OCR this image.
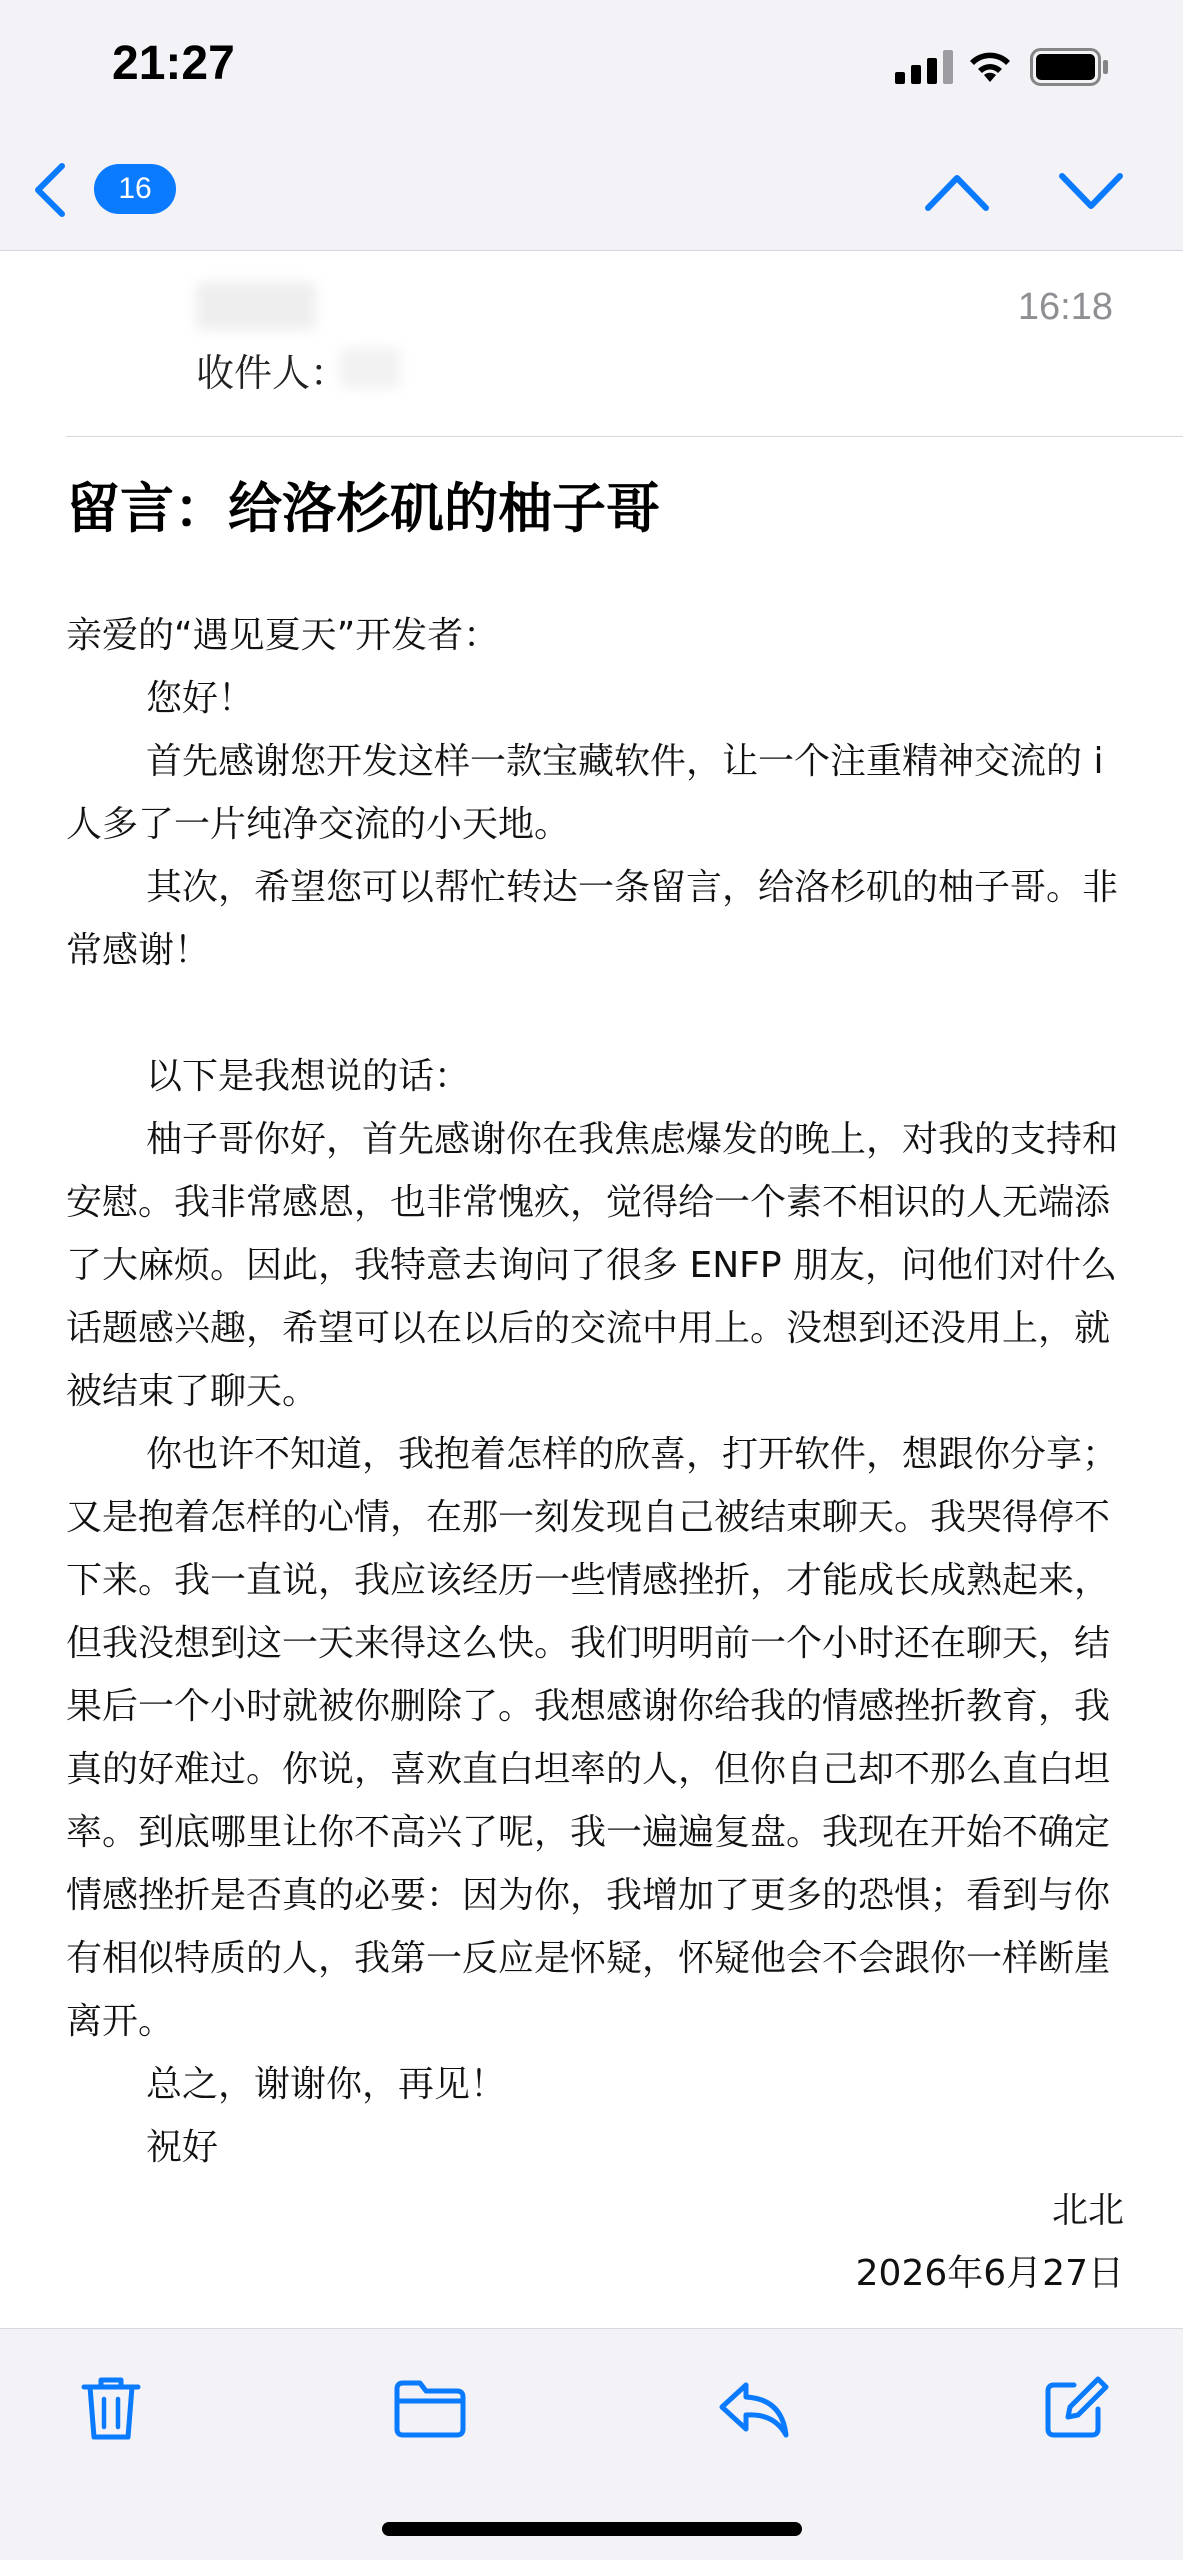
21:27
16
16:18
收件人：
留言：给洛杉矶的柚子哥

亲爱的“遇见夏天”开发者：

您好！

首先感谢您开发这样一款宝藏软件，让一个注重精神交流的 i 人多了一片纯净交流的小天地。

其次，希望您可以帮忙转达一条留言，给洛杉矶的柚子哥。非常感谢！

以下是我想说的话：

柚子哥你好，首先感谢你在我焦虑爆发的晚上，对我的支持和安慰。我非常感恩，也非常愧疚，觉得给一个素不相识的人无端添了大麻烦。因此，我特意去询问了很多 ENFP 朋友，问他们对什么话题感兴趣，希望可以在以后的交流中用上。没想到还没用上，就被结束了聊天。

你也许不知道，我抱着怎样的欣喜，打开软件，想跟你分享；又是抱着怎样的心情，在那一刻发现自己被结束聊天。我哭得停不下来。我一直说，我应该经历一些情感挫折，才能成长成熟起来，但我没想到这一天来得这么快。我们明明前一个小时还在聊天，结果后一个小时就被你删除了。我想感谢你给我的情感挫折教育，我真的好难过。你说，喜欢直白坦率的人，但你自己却不那么直白坦率。到底哪里让你不高兴了呢，我一遍遍复盘。我现在开始不确定情感挫折是否真的必要：因为你，我增加了更多的恐惧；看到与你有相似特质的人，我第一反应是怀疑，怀疑他会不会跟你一样断崖离开。

总之，谢谢你，再见！

祝好

北北

2026年6月27日
